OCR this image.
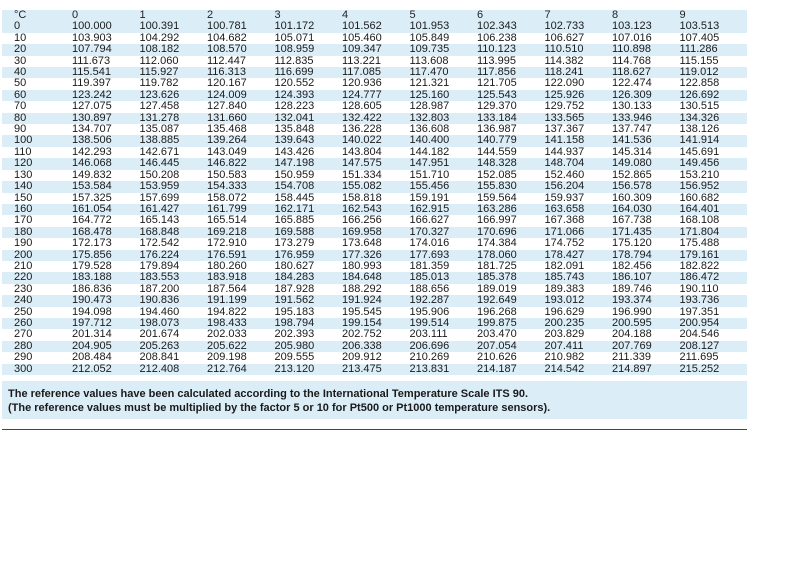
°C	0	1	2	3	4	5	6	7	8	9
0	100.000	100.391	100.781	101.172	101.562	101.953	102.343	102.733	103.123	103.513
10	103.903	104.292	104.682	105.071	105.460	105.849	106.238	106.627	107.016	107.405
20	107.794	108.182	108.570	108.959	109.347	109.735	110.123	110.510	110.898	111.286
30	111.673	112.060	112.447	112.835	113.221	113.608	113.995	114.382	114.768	115.155
40	115.541	115.927	116.313	116.699	117.085	117.470	117.856	118.241	118.627	119.012
50	119.397	119.782	120.167	120.552	120.936	121.321	121.705	122.090	122.474	122.858
60	123.242	123.626	124.009	124.393	124.777	125.160	125.543	125.926	126.309	126.692
70	127.075	127.458	127.840	128.223	128.605	128.987	129.370	129.752	130.133	130.515
80	130.897	131.278	131.660	132.041	132.422	132.803	133.184	133.565	133.946	134.326
90	134.707	135.087	135.468	135.848	136.228	136.608	136.987	137.367	137.747	138.126
100	138.506	138.885	139.264	139.643	140.022	140.400	140.779	141.158	141.536	141.914
110	142.293	142.671	143.049	143.426	143.804	144.182	144.559	144.937	145.314	145.691
120	146.068	146.445	146.822	147.198	147.575	147.951	148.328	148.704	149.080	149.456
130	149.832	150.208	150.583	150.959	151.334	151.710	152.085	152.460	152.865	153.210
140	153.584	153.959	154.333	154.708	155.082	155.456	155.830	156.204	156.578	156.952
150	157.325	157.699	158.072	158.445	158.818	159.191	159.564	159.937	160.309	160.682
160	161.054	161.427	161.799	162.171	162.543	162.915	163.286	163.658	164.030	164.401
170	164.772	165.143	165.514	165.885	166.256	166.627	166.997	167.368	167.738	168.108
180	168.478	168.848	169.218	169.588	169.958	170.327	170.696	171.066	171.435	171.804
190	172.173	172.542	172.910	173.279	173.648	174.016	174.384	174.752	175.120	175.488
200	175.856	176.224	176.591	176.959	177.326	177.693	178.060	178.427	178.794	179.161
210	179.528	179.894	180.260	180.627	180.993	181.359	181.725	182.091	182.456	182.822
220	183.188	183.553	183.918	184.283	184.648	185.013	185.378	185.743	186.107	186.472
230	186.836	187.200	187.564	187.928	188.292	188.656	189.019	189.383	189.746	190.110
240	190.473	190.836	191.199	191.562	191.924	192.287	192.649	193.012	193.374	193.736
250	194.098	194.460	194.822	195.183	195.545	195.906	196.268	196.629	196.990	197.351
260	197.712	198.073	198.433	198.794	199.154	199.514	199.875	200.235	200.595	200.954
270	201.314	201.674	202.033	202.393	202.752	203.111	203.470	203.829	204.188	204.546
280	204.905	205.263	205.622	205.980	206.338	206.696	207.054	207.411	207.769	208.127
290	208.484	208.841	209.198	209.555	209.912	210.269	210.626	210.982	211.339	211.695
300	212.052	212.408	212.764	213.120	213.475	213.831	214.187	214.542	214.897	215.252
The reference values have been calculated according to the International Temperature Scale ITS 90.
(The reference values must be multiplied by the factor 5 or 10 for Pt500 or Pt1000 temperature sensors).
